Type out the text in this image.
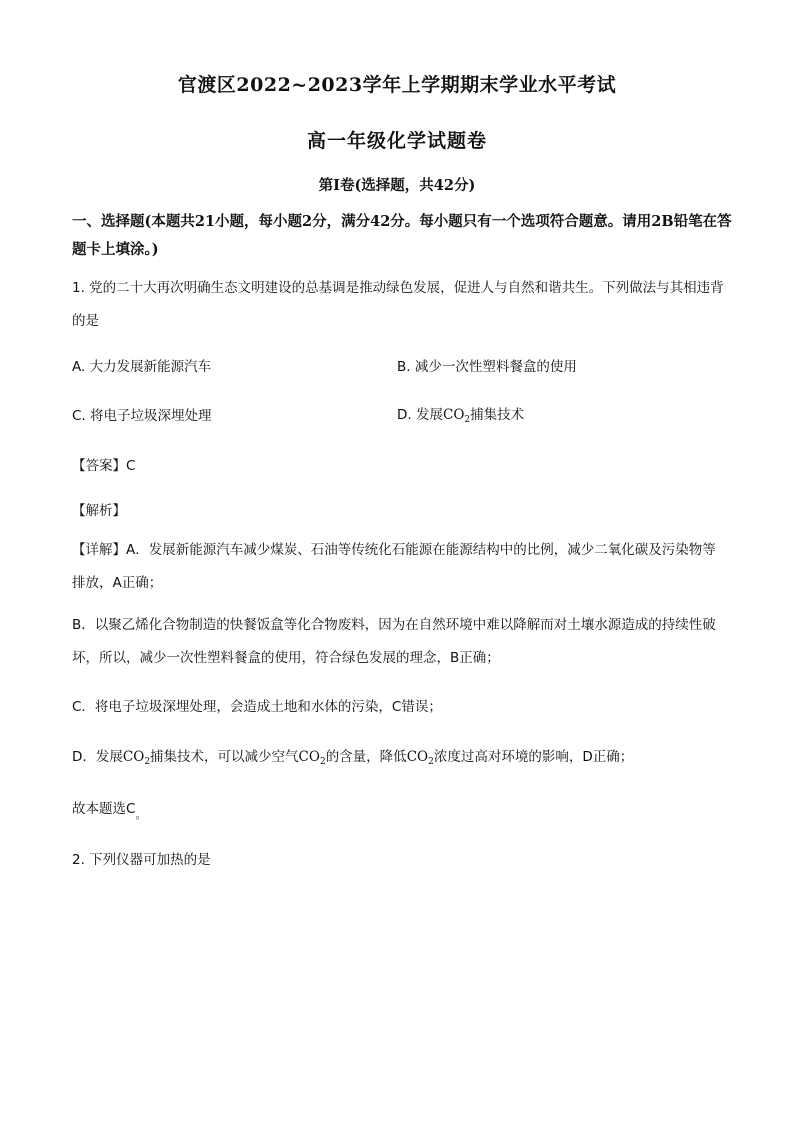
官渡区2022~2023学年上学期期末学业水平考试
高一年级化学试题卷
第I卷(选择题，共42分)
一、选择题(本题共21小题，每小题2分，满分42分。每小题只有一个选项符合题意。请用2B铅笔在答题卡上填涂。)
1. 党的二十大再次明确生态文明建设的总基调是推动绿色发展，促进人与自然和谐共生。下列做法与其相违背的是
A. 大力发展新能源汽车	B. 减少一次性塑料餐盒的使用
C. 将电子垃圾深埋处理	D. 发展$CO_2$捕集技术
【答案】C
【解析】
【详解】A．发展新能源汽车减少煤炭、石油等传统化石能源在能源结构中的比例，减少二氧化碳及污染物等排放，A正确；
B．以聚乙烯化合物制造的快餐饭盒等化合物废料，因为在自然环境中难以降解而对土壤水源造成的持续性破坏，所以，减少一次性塑料餐盒的使用，符合绿色发展的理念，B正确；
C．将电子垃圾深埋处理，会造成土地和水体的污染，C错误；
D．发展$CO_2$捕集技术，可以减少空气$CO_2$的含量，降低$CO_2$浓度过高对环境的影响，D正确；
故本题选$C_。$
2. 下列仪器可加热的是
